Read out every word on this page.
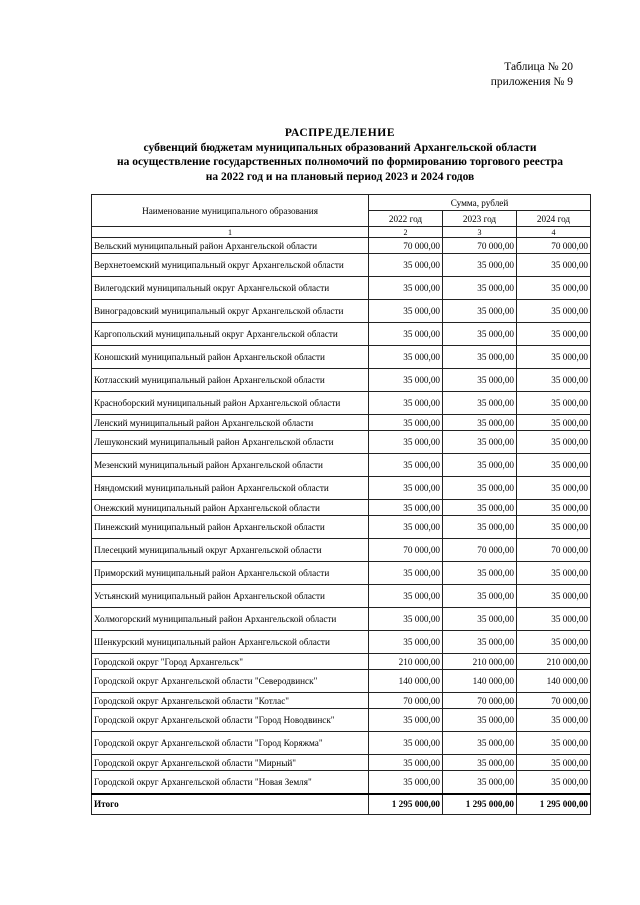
Таблица № 20
приложения № 9
РАСПРЕДЕЛЕНИЕ
субвенций бюджетам муниципальных образований Архангельской области
на осуществление государственных полномочий по формированию торгового реестра
на 2022 год и на плановый период 2023 и 2024 годов
Наименование муниципального образования	Сумма, рублей		
	2022 год	2023 год	2024 год
1	2	3	4
Вельский муниципальный район Архангельской области	70 000,00	70 000,00	70 000,00
Верхнетоемский муниципальный округ Архангельской области	35 000,00	35 000,00	35 000,00
Вилегодский муниципальный округ Архангельской области	35 000,00	35 000,00	35 000,00
Виноградовский муниципальный округ Архангельской области	35 000,00	35 000,00	35 000,00
Каргопольский муниципальный округ Архангельской области	35 000,00	35 000,00	35 000,00
Коношский муниципальный район Архангельской области	35 000,00	35 000,00	35 000,00
Котласский муниципальный район Архангельской области	35 000,00	35 000,00	35 000,00
Красноборский муниципальный район Архангельской области	35 000,00	35 000,00	35 000,00
Ленский муниципальный район Архангельской области	35 000,00	35 000,00	35 000,00
Лешуконский муниципальный район Архангельской области	35 000,00	35 000,00	35 000,00
Мезенский муниципальный район Архангельской области	35 000,00	35 000,00	35 000,00
Няндомский муниципальный район Архангельской области	35 000,00	35 000,00	35 000,00
Онежский муниципальный район Архангельской области	35 000,00	35 000,00	35 000,00
Пинежский муниципальный район Архангельской области	35 000,00	35 000,00	35 000,00
Плесецкий муниципальный округ Архангельской области	70 000,00	70 000,00	70 000,00
Приморский муниципальный район Архангельской области	35 000,00	35 000,00	35 000,00
Устьянский муниципальный район Архангельской области	35 000,00	35 000,00	35 000,00
Холмогорский муниципальный район Архангельской области	35 000,00	35 000,00	35 000,00
Шенкурский муниципальный район Архангельской области	35 000,00	35 000,00	35 000,00
Городской округ "Город Архангельск"	210 000,00	210 000,00	210 000,00
Городской округ Архангельской области "Северодвинск"	140 000,00	140 000,00	140 000,00
Городской округ Архангельской области "Котлас"	70 000,00	70 000,00	70 000,00
Городской округ Архангельской области "Город Новодвинск"	35 000,00	35 000,00	35 000,00
Городской округ Архангельской области "Город Коряжма"	35 000,00	35 000,00	35 000,00
Городской округ Архангельской области "Мирный"	35 000,00	35 000,00	35 000,00
Городской округ Архангельской области "Новая Земля"	35 000,00	35 000,00	35 000,00
Итого	1 295 000,00	1 295 000,00	1 295 000,00
